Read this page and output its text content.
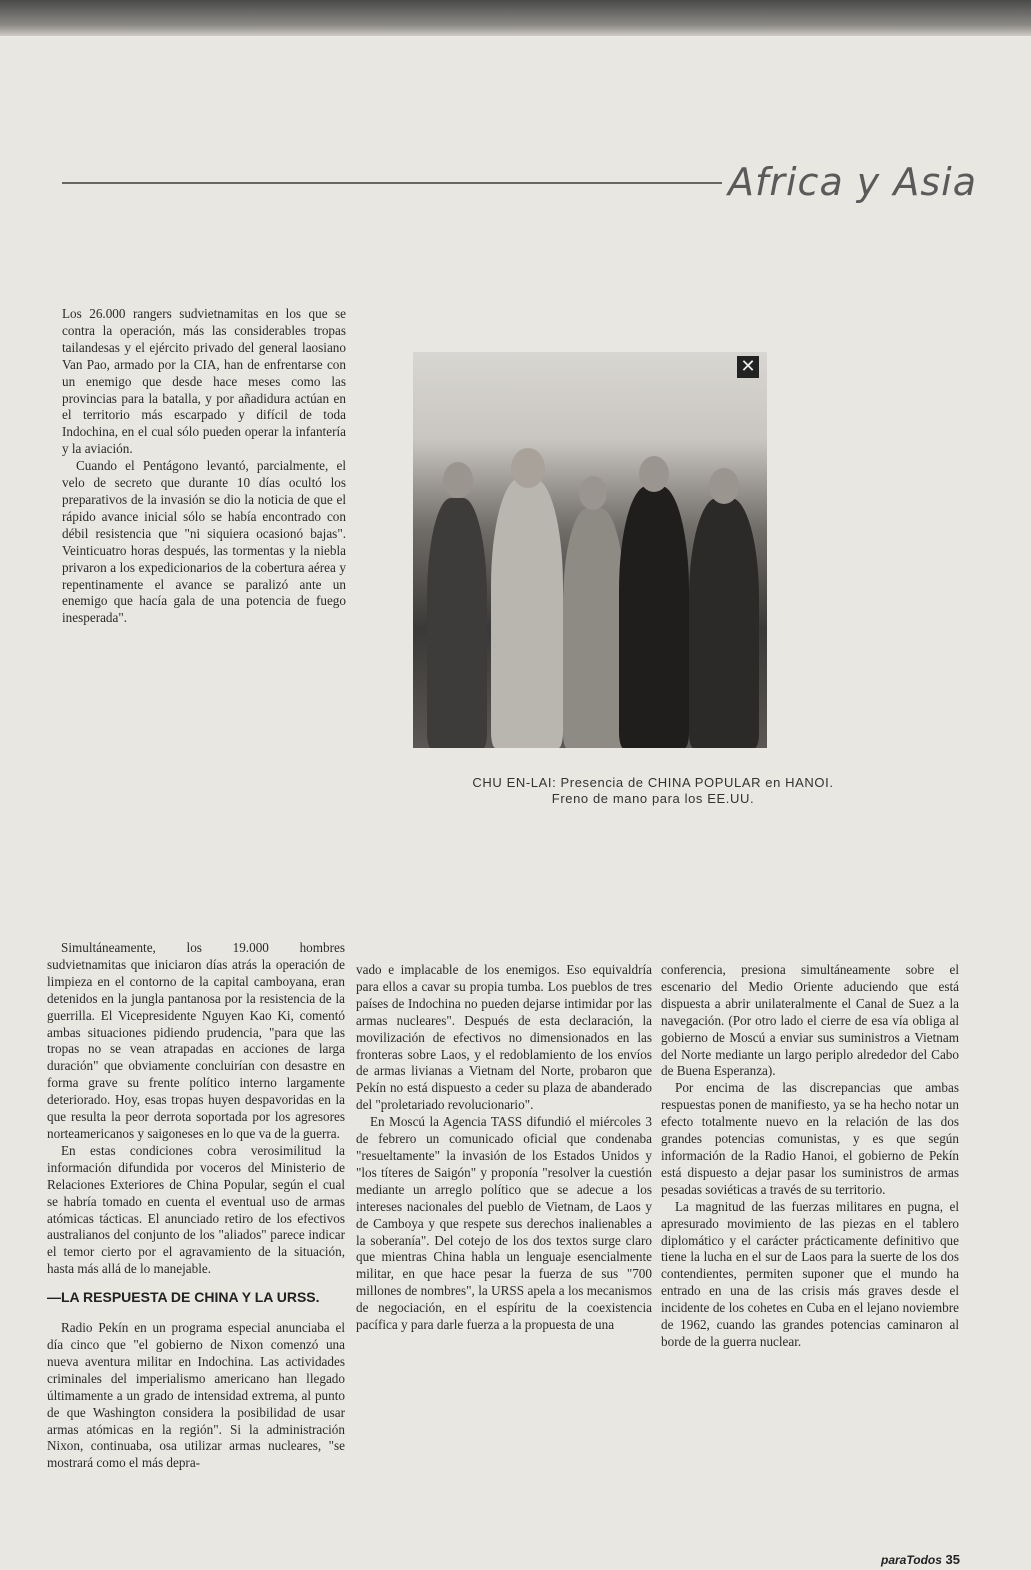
Africa y Asia

Los 26.000 rangers sudvietnamitas en los que se contra la operación, más las considerables tropas tailandesas y el ejército privado del general laosiano Van Pao, armado por la CIA, han de enfrentarse con un enemigo que desde hace meses como las provincias para la batalla, y por añadidura actúan en el territorio más escarpado y difícil de toda Indochina, en el cual sólo pueden operar la infantería y la aviación.

Cuando el Pentágono levantó, parcialmente, el velo de secreto que durante 10 días ocultó los preparativos de la invasión se dio la noticia de que el rápido avance inicial sólo se había encontrado con débil resistencia que "ni siquiera ocasionó bajas". Veinticuatro horas después, las tormentas y la niebla privaron a los expedicionarios de la cobertura aérea y repentinamente el avance se paralizó ante un enemigo que hacía gala de una potencia de fuego inesperada".

✕
CHU EN-LAI: Presencia de CHINA POPULAR en HANOI.
Freno de mano para los EE.UU.

Simultáneamente, los 19.000 hombres sudvietnamitas que iniciaron días atrás la operación de limpieza en el contorno de la capital camboyana, eran detenidos en la jungla pantanosa por la resistencia de la guerrilla. El Vicepresidente Nguyen Kao Ki, comentó ambas situaciones pidiendo prudencia, "para que las tropas no se vean atrapadas en acciones de larga duración" que obviamente concluirían con desastre en forma grave su frente político interno largamente deteriorado. Hoy, esas tropas huyen despavoridas en la que resulta la peor derrota soportada por los agresores norteamericanos y saigoneses en lo que va de la guerra.

En estas condiciones cobra verosimilitud la información difundida por voceros del Ministerio de Relaciones Exteriores de China Popular, según el cual se habría tomado en cuenta el eventual uso de armas atómicas tácticas. El anunciado retiro de los efectivos australianos del conjunto de los "aliados" parece indicar el temor cierto por el agravamiento de la situación, hasta más allá de lo manejable.

—LA RESPUESTA DE CHINA Y LA URSS.

Radio Pekín en un programa especial anunciaba el día cinco que "el gobierno de Nixon comenzó una nueva aventura militar en Indochina. Las actividades criminales del imperialismo americano han llegado últimamente a un grado de intensidad extrema, al punto de que Washington considera la posibilidad de usar armas atómicas en la región". Si la administración Nixon, continuaba, osa utilizar armas nucleares, "se mostrará como el más depra-

vado e implacable de los enemigos. Eso equivaldría para ellos a cavar su propia tumba. Los pueblos de tres países de Indochina no pueden dejarse intimidar por las armas nucleares". Después de esta declaración, la movilización de efectivos no dimensionados en las fronteras sobre Laos, y el redoblamiento de los envíos de armas livianas a Vietnam del Norte, probaron que Pekín no está dispuesto a ceder su plaza de abanderado del "proletariado revolucionario".

En Moscú la Agencia TASS difundió el miércoles 3 de febrero un comunicado oficial que condenaba "resueltamente" la invasión de los Estados Unidos y "los títeres de Saigón" y proponía "resolver la cuestión mediante un arreglo político que se adecue a los intereses nacionales del pueblo de Vietnam, de Laos y de Camboya y que respete sus derechos inalienables a la soberanía". Del cotejo de los dos textos surge claro que mientras China habla un lenguaje esencialmente militar, en que hace pesar la fuerza de sus "700 millones de nombres", la URSS apela a los mecanismos de negociación, en el espíritu de la coexistencia pacífica y para darle fuerza a la propuesta de una

conferencia, presiona simultáneamente sobre el escenario del Medio Oriente aduciendo que está dispuesta a abrir unilateralmente el Canal de Suez a la navegación. (Por otro lado el cierre de esa vía obliga al gobierno de Moscú a enviar sus suministros a Vietnam del Norte mediante un largo periplo alrededor del Cabo de Buena Esperanza).

Por encima de las discrepancias que ambas respuestas ponen de manifiesto, ya se ha hecho notar un efecto totalmente nuevo en la relación de las dos grandes potencias comunistas, y es que según información de la Radio Hanoi, el gobierno de Pekín está dispuesto a dejar pasar los suministros de armas pesadas soviéticas a través de su territorio.

La magnitud de las fuerzas militares en pugna, el apresurado movimiento de las piezas en el tablero diplomático y el carácter prácticamente definitivo que tiene la lucha en el sur de Laos para la suerte de los dos contendientes, permiten suponer que el mundo ha entrado en una de las crisis más graves desde el incidente de los cohetes en Cuba en el lejano noviembre de 1962, cuando las grandes potencias caminaron al borde de la guerra nuclear.

paraTodos 35
